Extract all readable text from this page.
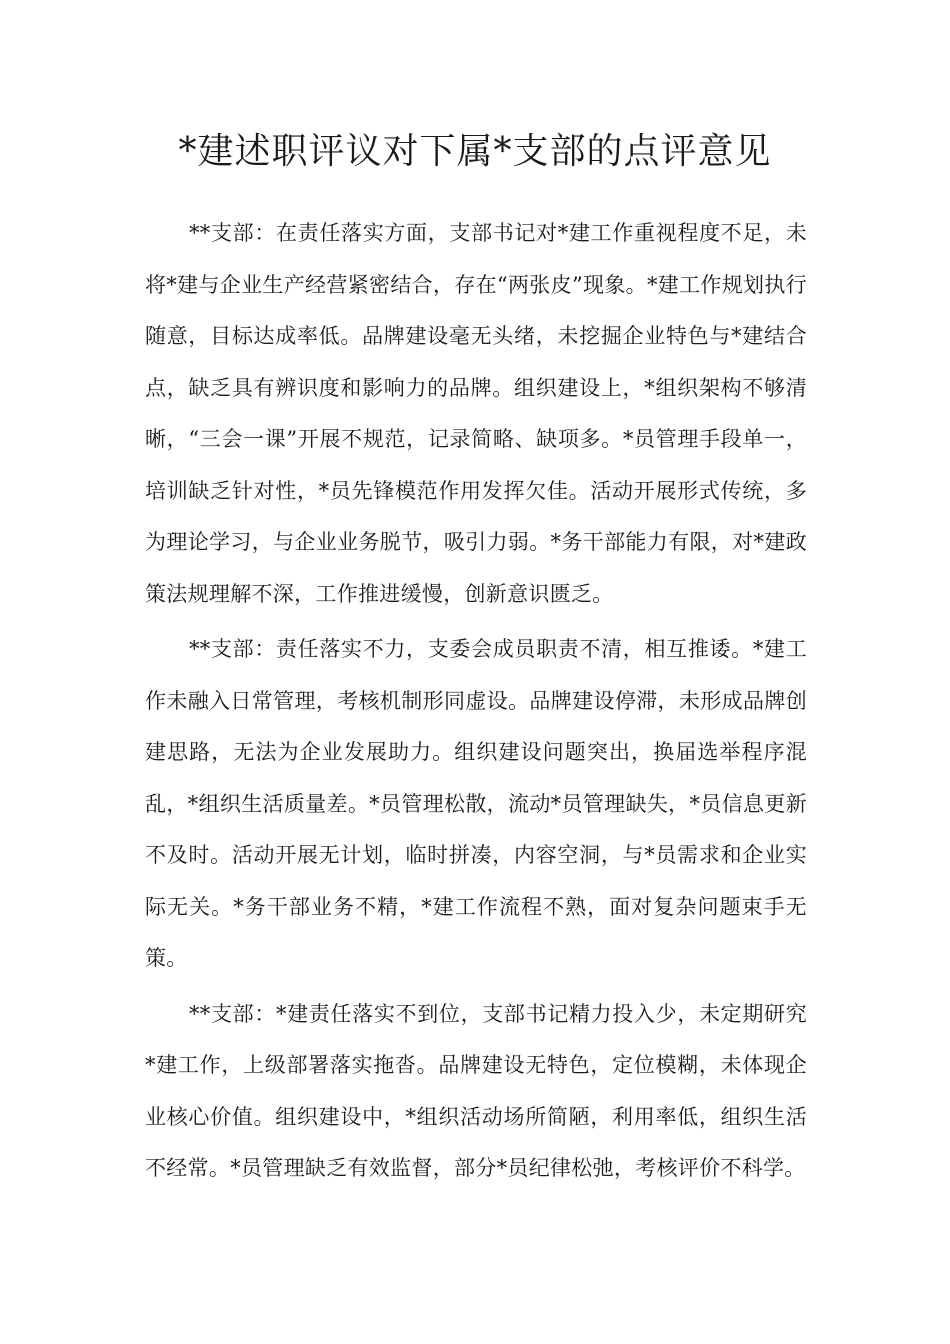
*建述职评议对下属*支部的点评意见

**支部：在责任落实方面，支部书记对*建工作重视程度不足，未将*建与企业生产经营紧密结合，存在“两张皮”现象。*建工作规划执行随意，目标达成率低。品牌建设毫无头绪，未挖掘企业特色与*建结合点，缺乏具有辨识度和影响力的品牌。组织建设上，*组织架构不够清晰，“三会一课”开展不规范，记录简略、缺项多。*员管理手段单一，培训缺乏针对性，*员先锋模范作用发挥欠佳。活动开展形式传统，多为理论学习，与企业业务脱节，吸引力弱。*务干部能力有限，对*建政策法规理解不深，工作推进缓慢，创新意识匮乏。

**支部：责任落实不力，支委会成员职责不清，相互推诿。*建工作未融入日常管理，考核机制形同虚设。品牌建设停滞，未形成品牌创建思路，无法为企业发展助力。组织建设问题突出，换届选举程序混乱，*组织生活质量差。*员管理松散，流动*员管理缺失，*员信息更新不及时。活动开展无计划，临时拼凑，内容空洞，与*员需求和企业实际无关。*务干部业务不精，*建工作流程不熟，面对复杂问题束手无策。

**支部：*建责任落实不到位，支部书记精力投入少，未定期研究*建工作，上级部署落实拖沓。品牌建设无特色，定位模糊，未体现企业核心价值。组织建设中，*组织活动场所简陋，利用率低，组织生活不经常。*员管理缺乏有效监督，部分*员纪律松弛，考核评价不科学。
